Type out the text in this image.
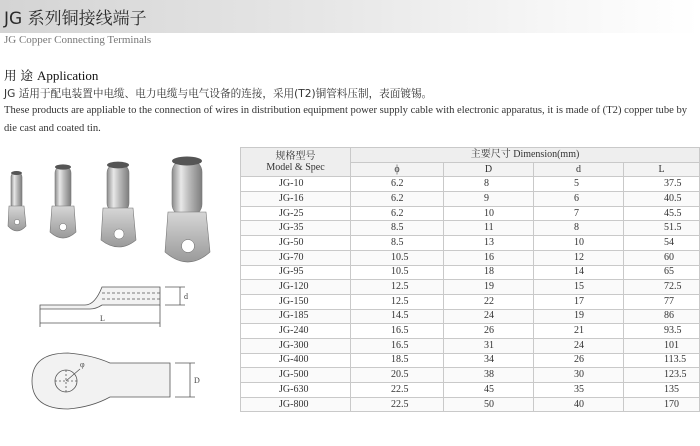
JG 系列铜接线端子
JG Copper Connecting Terminals
用 途 Application
JG 适用于配电装置中电缆、电力电缆与电气设备的连接，采用(T2)铜管料压制，表面镀锡。
These products are appliable to the connection of wires in distribution equipment power supply cable with electronic apparatus, it is made of (T2) copper tube by die cast and coated tin.
L
d
φ
D
规格型号
Model & Spec	主要尺寸 Dimension(mm)			
	ϕ	D	d	L
JG-10	6.2	8	5	37.5
JG-16	6.2	9	6	40.5
JG-25	6.2	10	7	45.5
JG-35	8.5	11	8	51.5
JG-50	8.5	13	10	54
JG-70	10.5	16	12	60
JG-95	10.5	18	14	65
JG-120	12.5	19	15	72.5
JG-150	12.5	22	17	77
JG-185	14.5	24	19	86
JG-240	16.5	26	21	93.5
JG-300	16.5	31	24	101
JG-400	18.5	34	26	113.5
JG-500	20.5	38	30	123.5
JG-630	22.5	45	35	135
JG-800	22.5	50	40	170
